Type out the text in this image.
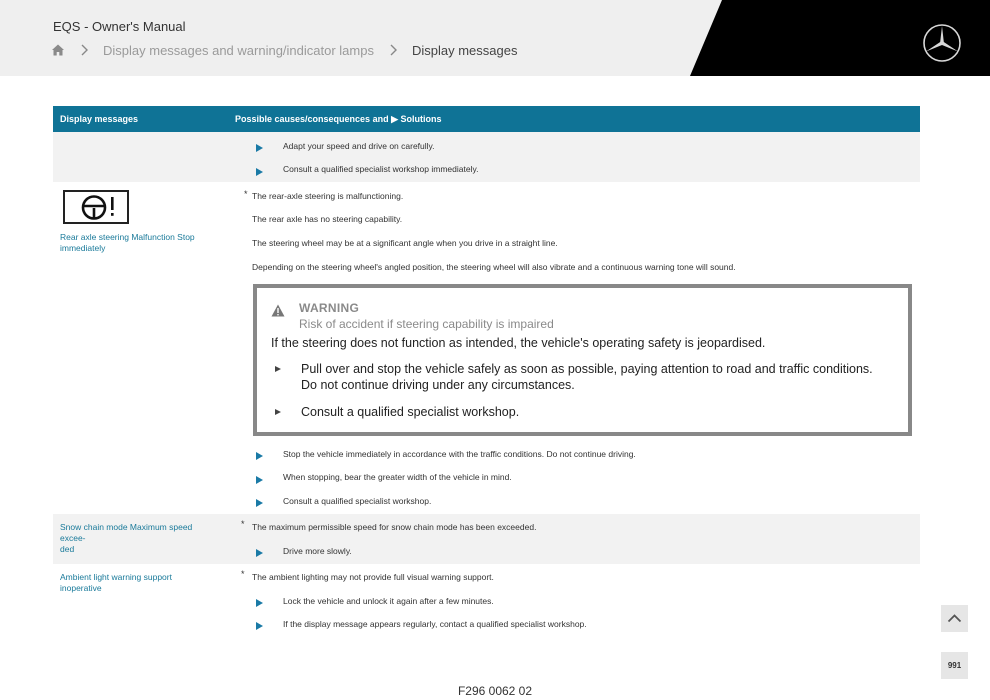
EQS - Owner's Manual
Display messages and warning/indicator lamps	Display messages
Display messages	Possible causes/consequences and ▶ Solutions
Adapt your speed and drive on carefully.
Consult a qualified specialist workshop immediately.
Rear axle steering Malfunction Stop immediately
* The rear-axle steering is malfunctioning.
The rear axle has no steering capability.
The steering wheel may be at a significant angle when you drive in a straight line.
Depending on the steering wheel's angled position, the steering wheel will also vibrate and a continuous warning tone will sound.
WARNING
Risk of accident if steering capability is impaired
If the steering does not function as intended, the vehicle's operating safety is jeopardised.
Pull over and stop the vehicle safely as soon as possible, paying attention to road and traffic conditions.
Do not continue driving under any circumstances.
Consult a qualified specialist workshop.
Stop the vehicle immediately in accordance with the traffic conditions. Do not continue driving.
When stopping, bear the greater width of the vehicle in mind.
Consult a qualified specialist workshop.
Snow chain mode Maximum speed excee-
ded
* The maximum permissible speed for snow chain mode has been exceeded.
Drive more slowly.
Ambient light warning support inoperative
* The ambient lighting may not provide full visual warning support.
Lock the vehicle and unlock it again after a few minutes.
If the display message appears regularly, contact a qualified specialist workshop.
991
F296 0062 02
